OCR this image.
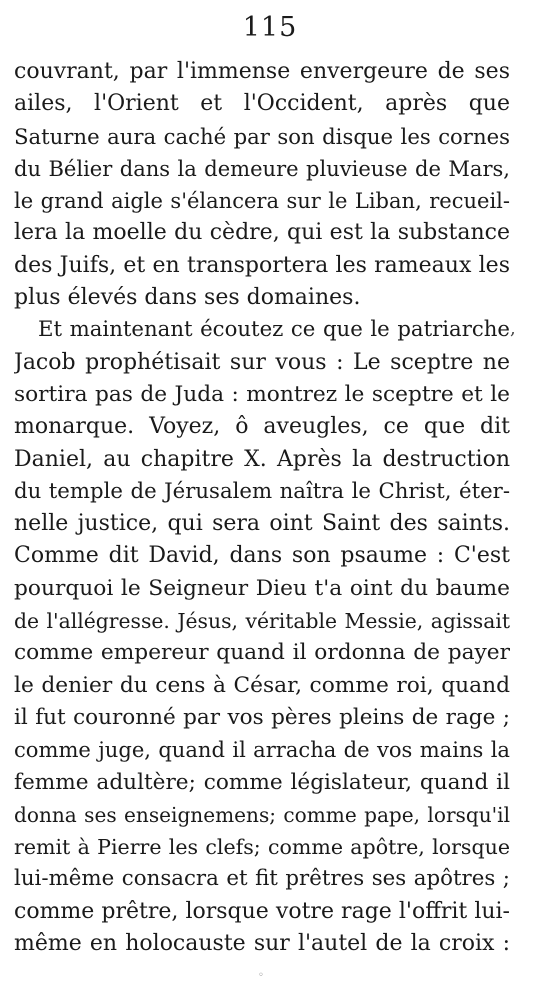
115
couvrant, par l'immense envergeure de ses
ailes, l'Orient et l'Occident, après que
Saturne aura caché par son disque les cornes
du Bélier dans la demeure pluvieuse de Mars,
le grand aigle s'élancera sur le Liban, recueil-
lera la moelle du cèdre, qui est la substance
des Juifs, et en transportera les rameaux les
plus élevés dans ses domaines.
Et maintenant écoutez ce que le patriarche
Jacob prophétisait sur vous : Le sceptre ne
sortira pas de Juda : montrez le sceptre et le
monarque. Voyez, ô aveugles, ce que dit
Daniel, au chapitre X. Après la destruction
du temple de Jérusalem naîtra le Christ, éter-
nelle justice, qui sera oint Saint des saints.
Comme dit David, dans son psaume : C'est
pourquoi le Seigneur Dieu t'a oint du baume
de l'allégresse. Jésus, véritable Messie, agissait
comme empereur quand il ordonna de payer
le denier du cens à César, comme roi, quand
il fut couronné par vos pères pleins de rage ;
comme juge, quand il arracha de vos mains la
femme adultère; comme législateur, quand il
donna ses enseignemens; comme pape, lorsqu'il
remit à Pierre les clefs; comme apôtre, lorsque
lui-même consacra et fit prêtres ses apôtres ;
comme prêtre, lorsque votre rage l'offrit lui-
même en holocauste sur l'autel de la croix :
,
◦
